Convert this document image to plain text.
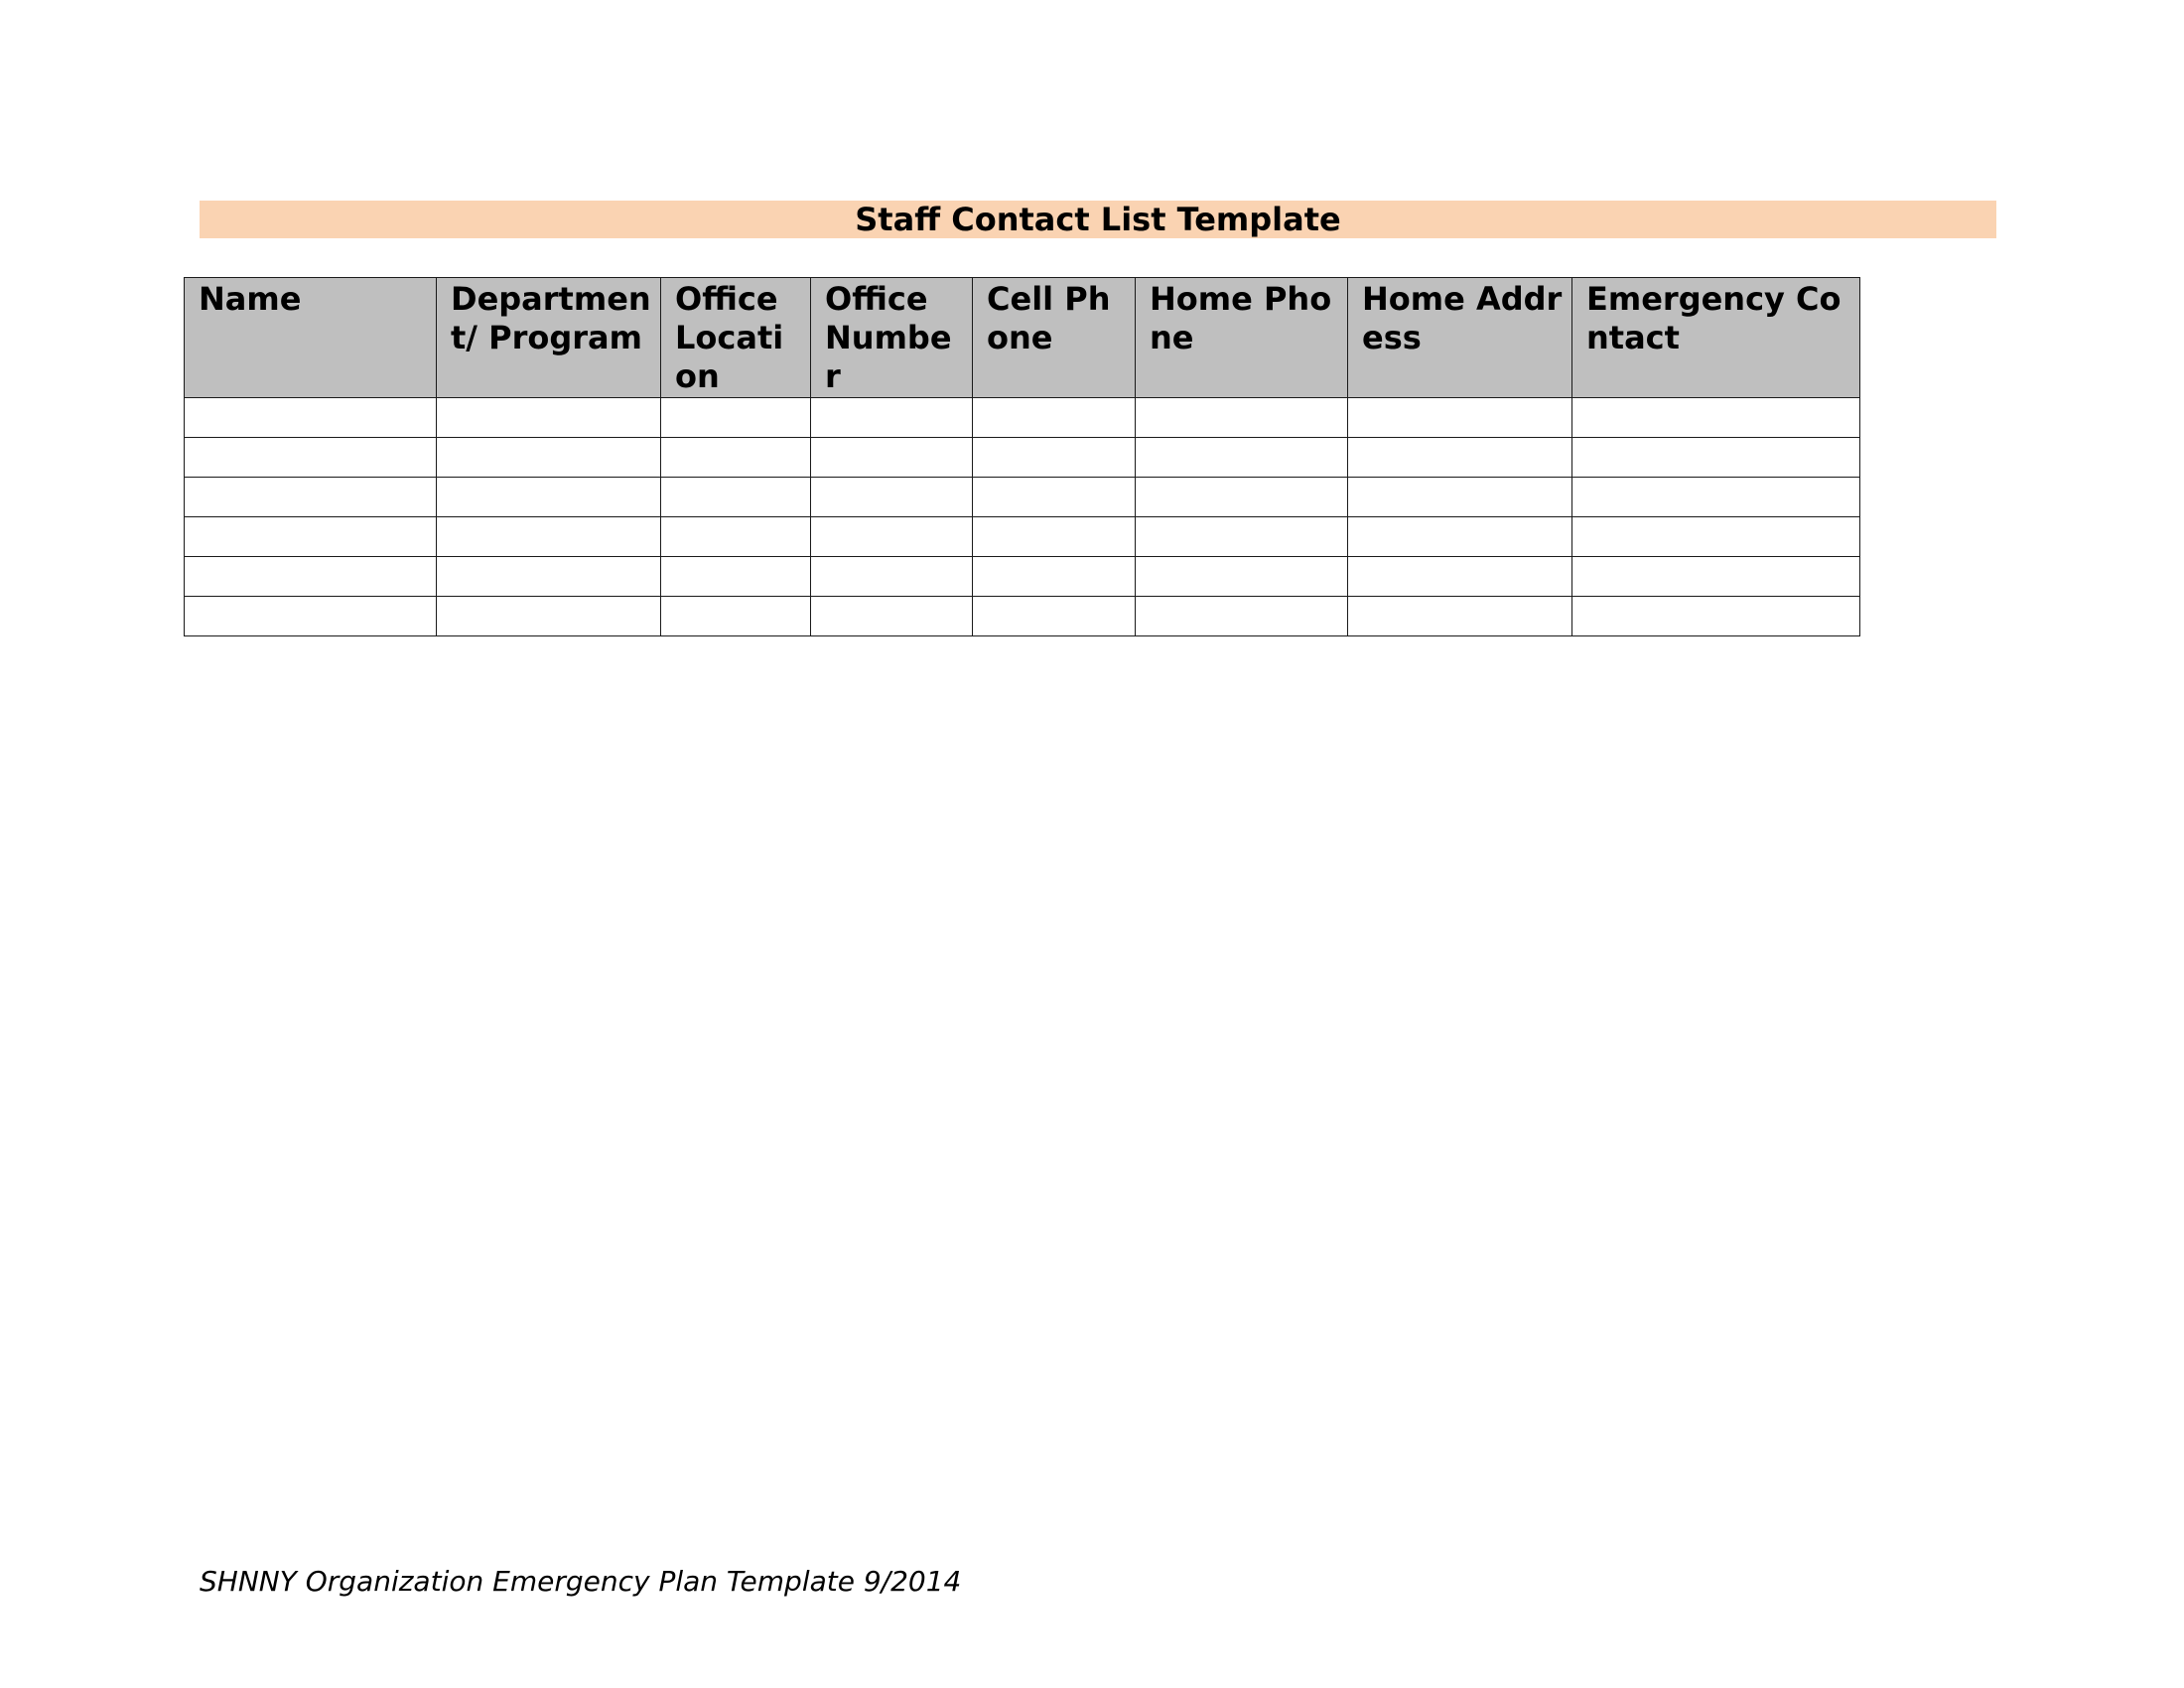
Staff Contact List Template
Name	Department/ Program	Office Location	Office Number	Cell Phone	Home Phone	Home Address	Emergency Contact

SHNNY Organization Emergency Plan Template 9/2014
